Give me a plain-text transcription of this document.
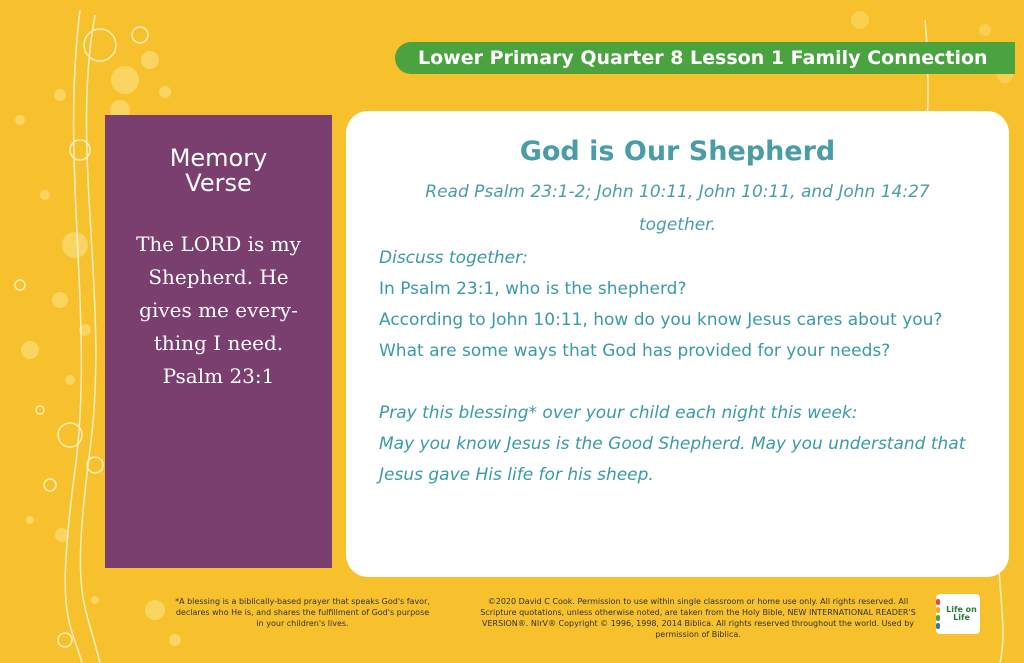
Lower Primary Quarter 8 Lesson 1 Family Connection
Memory Verse
The LORD is my Shepherd. He gives me every-thing I need.
Psalm 23:1
God is Our Shepherd
Read Psalm 23:1-2; John 10:11, John 10:11, and John 14:27 together.
Discuss together:
In Psalm 23:1, who is the shepherd?
According to John 10:11, how do you know Jesus cares about you?
What are some ways that God has provided for your needs?
Pray this blessing* over your child each night this week:
May you know Jesus is the Good Shepherd. May you understand that Jesus gave His life for his sheep.
*A blessing is a biblically-based prayer that speaks God's favor, declares who He is, and shares the fulfillment of God's purpose in your children's lives.
©2020 David C Cook. Permission to use within single classroom or home use only. All rights reserved. All Scripture quotations, unless otherwise noted, are taken from the Holy Bible, NEW INTERNATIONAL READER'S VERSION®. NIrV® Copyright © 1996, 1998, 2014 Biblica. All rights reserved throughout the world. Used by permission of Biblica.
Life on Life
